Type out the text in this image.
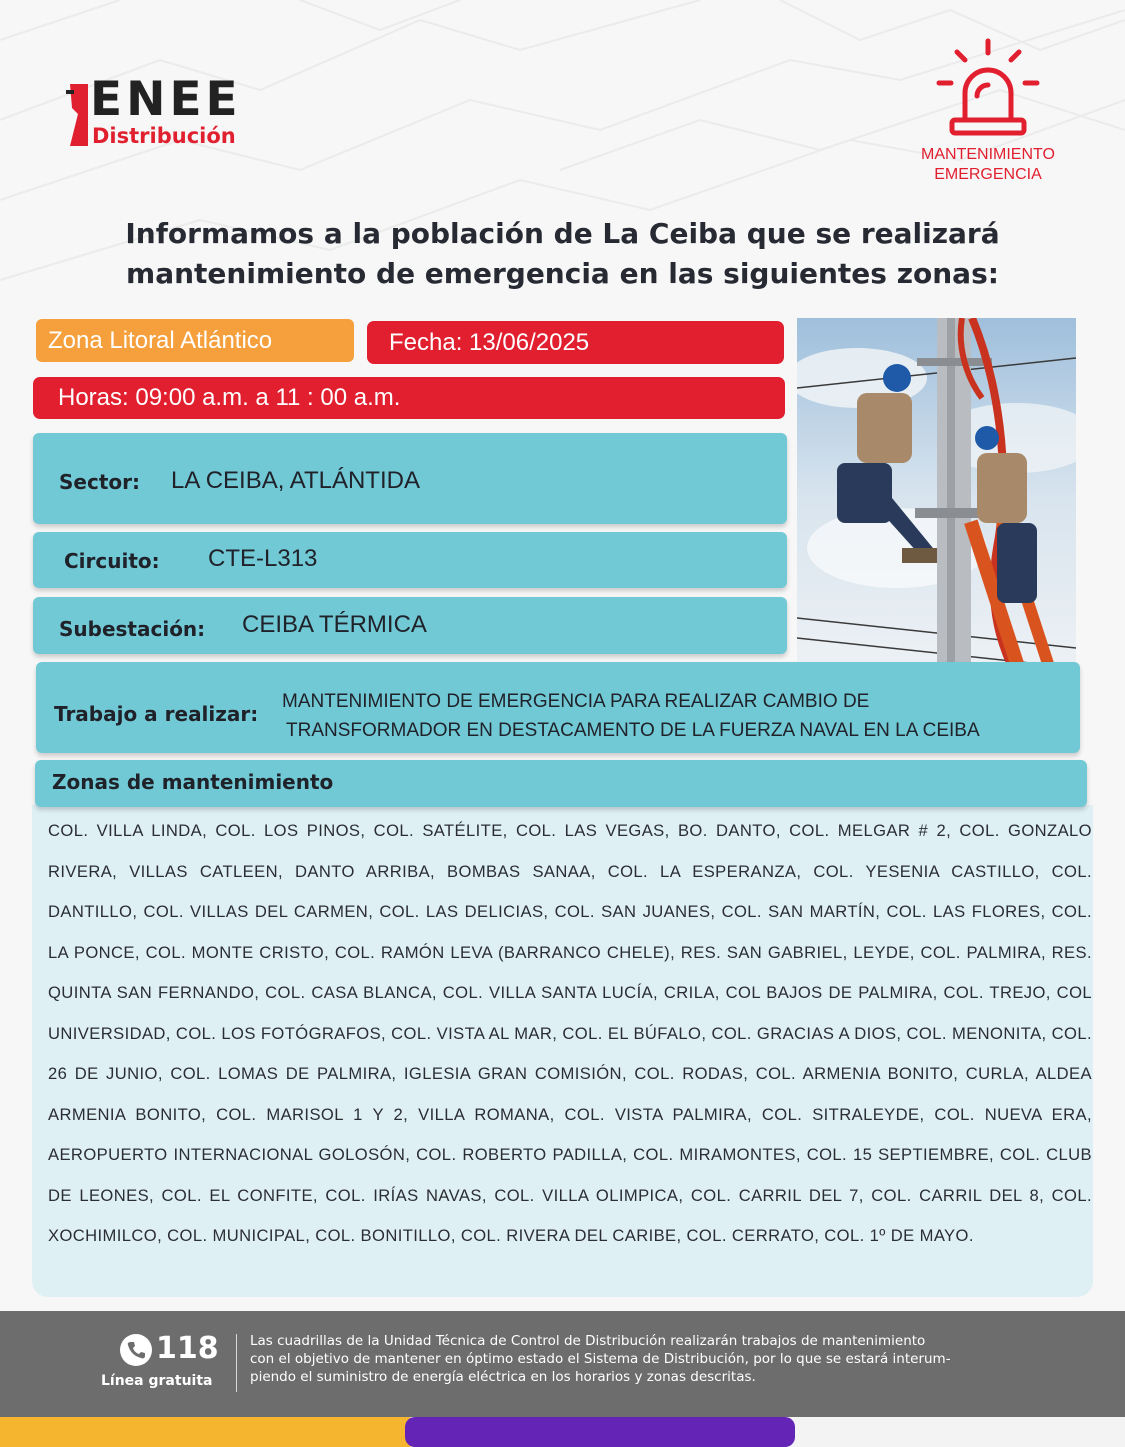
ENEE
Distribución
MANTENIMIENTO
EMERGENCIA
Informamos a la población de La Ceiba que se realizará
mantenimiento de emergencia en las siguientes zonas:
Zona Litoral Atlántico	Fecha: 13/06/2025
Horas: 09:00 a.m. a 11 : 00 a.m.
Sector: LA CEIBA, ATLÁNTIDA
Circuito: CTE-L313
Subestación: CEIBA TÉRMICA
Trabajo a realizar:
MANTENIMIENTO DE EMERGENCIA PARA REALIZAR CAMBIO DE
TRANSFORMADOR EN DESTACAMENTO DE LA FUERZA NAVAL EN LA CEIBA
Zonas de mantenimiento
COL. VILLA LINDA, COL. LOS PINOS, COL. SATÉLITE, COL. LAS VEGAS, BO. DANTO, COL. MELGAR # 2, COL. GONZALO RIVERA, VILLAS CATLEEN, DANTO ARRIBA, BOMBAS SANAA, COL. LA ESPERANZA, COL. YESENIA CASTILLO, COL. DANTILLO, COL. VILLAS DEL CARMEN, COL. LAS DELICIAS, COL. SAN JUANES, COL. SAN MARTÍN, COL. LAS FLORES, COL. LA PONCE, COL. MONTE CRISTO, COL. RAMÓN LEVA (BARRANCO CHELE), RES. SAN GABRIEL, LEYDE, COL. PALMIRA, RES. QUINTA SAN FERNANDO, COL. CASA BLANCA, COL. VILLA SANTA LUCÍA, CRILA, COL BAJOS DE PALMIRA, COL. TREJO, COL UNIVERSIDAD, COL. LOS FOTÓGRAFOS, COL. VISTA AL MAR, COL. EL BÚFALO, COL. GRACIAS A DIOS, COL. MENONITA, COL. 26 DE JUNIO, COL. LOMAS DE PALMIRA, IGLESIA GRAN COMISIÓN, COL. RODAS, COL. ARMENIA BONITO, CURLA, ALDEA ARMENIA BONITO, COL. MARISOL 1 Y 2, VILLA ROMANA, COL. VISTA PALMIRA, COL. SITRALEYDE, COL. NUEVA ERA, AEROPUERTO INTERNACIONAL GOLOSÓN, COL. ROBERTO PADILLA, COL. MIRAMONTES, COL. 15 SEPTIEMBRE, COL. CLUB DE LEONES, COL. EL CONFITE, COL. IRÍAS NAVAS, COL. VILLA OLIMPICA, COL. CARRIL DEL 7, COL. CARRIL DEL 8, COL. XOCHIMILCO, COL. MUNICIPAL, COL. BONITILLO, COL. RIVERA DEL CARIBE, COL. CERRATO, COL. 1º DE MAYO.
118
Línea gratuita
Las cuadrillas de la Unidad Técnica de Control de Distribución realizarán trabajos de mantenimiento
con el objetivo de mantener en óptimo estado el Sistema de Distribución, por lo que se estará interum-
piendo el suministro de energía eléctrica en los horarios y zonas descritas.
